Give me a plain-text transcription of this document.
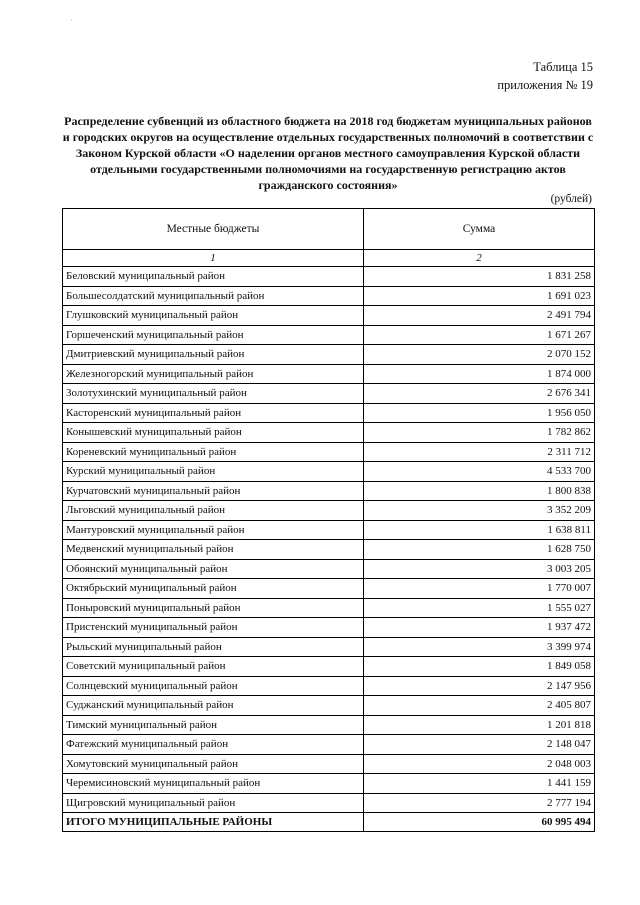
·
Таблица 15
приложения № 19
Распределение субвенций из областного бюджета на 2018 год бюджетам муниципальных районов
и городских округов на осуществление отдельных государственных полномочий в соответствии с
Законом Курской области «О наделении органов местного самоуправления Курской области
отдельными государственными полномочиями на государственную регистрацию актов
гражданского состояния»
(рублей)
Местные бюджеты	Сумма
1	2
Беловский муниципальный район	1 831 258
Большесолдатский муниципальный район	1 691 023
Глушковский муниципальный район	2 491 794
Горшеченский муниципальный район	1 671 267
Дмитриевский муниципальный район	2 070 152
Железногорский муниципальный район	1 874 000
Золотухинский муниципальный район	2 676 341
Касторенский муниципальный район	1 956 050
Конышевский муниципальный район	1 782 862
Кореневский муниципальный район	2 311 712
Курский муниципальный район	4 533 700
Курчатовский муниципальный район	1 800 838
Льговский муниципальный район	3 352 209
Мантуровский муниципальный район	1 638 811
Медвенский муниципальный район	1 628 750
Обоянский муниципальный район	3 003 205
Октябрьский муниципальный район	1 770 007
Поныровский муниципальный район	1 555 027
Пристенский муниципальный район	1 937 472
Рыльский муниципальный район	3 399 974
Советский муниципальный район	1 849 058
Солнцевский муниципальный район	2 147 956
Суджанский муниципальный район	2 405 807
Тимский муниципальный район	1 201 818
Фатежский муниципальный район	2 148 047
Хомутовский муниципальный район	2 048 003
Черемисиновский муниципальный район	1 441 159
Щигровский муниципальный район	2 777 194
ИТОГО МУНИЦИПАЛЬНЫЕ РАЙОНЫ	60 995 494
